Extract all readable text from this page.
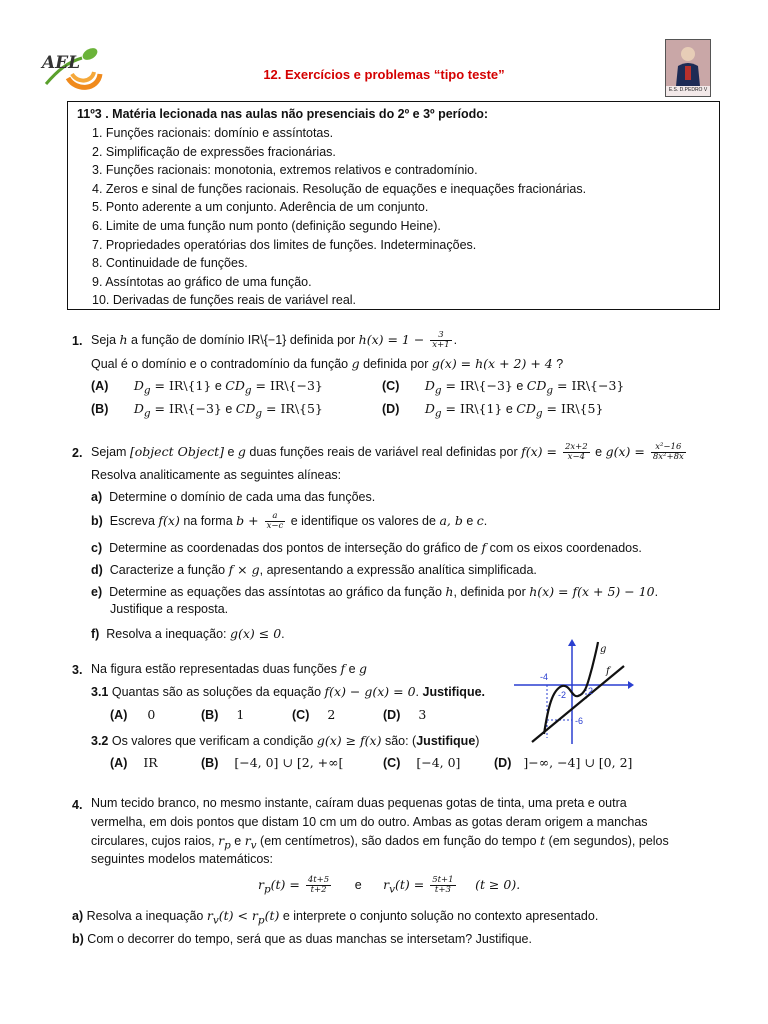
AEL
12. Exercícios e problemas “tipo teste”
E.S. D.PEDRO V
11º3 . Matéria lecionada nas aulas não presenciais do 2º e 3º período:
1. Funções racionais: domínio e assíntotas.
2. Simplificação de expressões fracionárias.
3. Funções racionais: monotonia, extremos relativos e contradomínio.
4. Zeros e sinal de funções racionais. Resolução de equações e inequações fracionárias.
5. Ponto aderente a um conjunto. Aderência de um conjunto.
6. Limite de uma função num ponto (definição segundo Heine).
7. Propriedades operatórias dos limites de funções. Indeterminações.
8. Continuidade de funções.
9. Assíntotas ao gráfico de uma função.
10. Derivadas de funções reais de variável real.
1. Seja h a função de domínio IR\{−1} definida por $h(x) = 1 - \frac{3}{x+1}$ .
Qual é o domínio e o contradomínio da função g definida por g(x) = h(x + 2) + 4 ?
(A) $D_g$ = IR\{1} e $CD_g$ = IR\{−3}	(C) $D_g$ = IR\{−3} e $CD_g$ = IR\{−3}
(B) $D_g$ = IR\{−3} e $CD_g$ = IR\{5}	(D) $D_g$ = IR\{1} e $CD_g$ = IR\{5}
2. Sejam [object Object] e g duas funções reais de variável real definidas por $f(x) = \frac{2x+2}{x-4}$ e $g(x) = \frac{\text{x²−16}}{\text{8x²+8x}}$
Resolva analiticamente as seguintes alíneas:
a) Determine o domínio de cada uma das funções.
b) Escreva f(x) na forma $b + \frac{a}{x-c}$ e identifique os valores de a, b e c.
c) Determine as coordenadas dos pontos de interseção do gráfico de f com os eixos coordenados.
d) Caracterize a função f × g, apresentando a expressão analítica simplificada.
e) Determine as equações das assíntotas ao gráfico da função h, definida por h(x) = f(x + 5) − 10.
Justifique a resposta.
f) Resolva a inequação: g(x) ≤ 0.
3. Na figura estão representadas duas funções f e g
3.1 Quantas são as soluções da equação f(x) − g(x) = 0. Justifique.
(A) 0	(B) 1	(C) 2	(D) 3
3.2 Os valores que verificam a condição g(x) ≥ f(x) são: (Justifique)
(A) IR	(B) [−4, 0] ∪ [2, +∞[	(C) [−4, 0]	(D) ]−∞, −4] ∪ [0, 2]
g
f
-4
-2 2
-6
4. Num tecido branco, no mesmo instante, caíram duas pequenas gotas de tinta, uma preta e outra
vermelha, em dois pontos que distam 10 cm um do outro. Ambas as gotas deram origem a manchas
circulares, cujos raios, $r_p$ e $r_v$ (em centímetros), são dados em função do tempo t (em segundos), pelos
seguintes modelos matemáticos:
$r_p(t) = \frac{4t+5}{t+2}$ e $r_v(t) = \frac{5t+1}{t+3} (t \ge 0)$.
a) Resolva a inequação $r_v(t) < r_p(t)$ e interprete o conjunto solução no contexto apresentado.
b) Com o decorrer do tempo, será que as duas manchas se intersetam? Justifique.
